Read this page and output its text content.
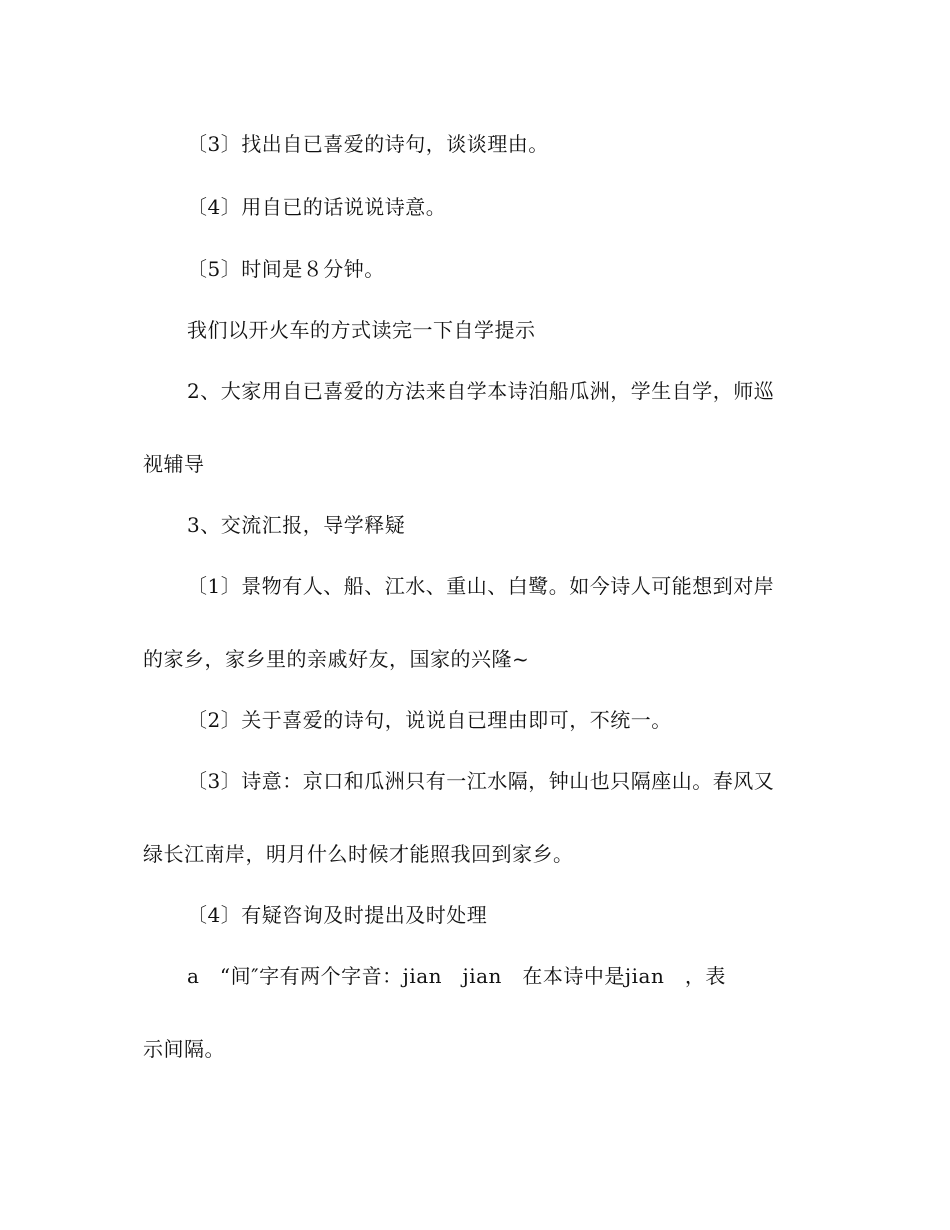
〔3〕找出自已喜爱的诗句，谈谈理由。
〔4〕用自已的话说说诗意。
〔5〕时间是８分钟。
我们以开火车的方式读完一下自学提示
2、大家用自已喜爱的方法来自学本诗泊船瓜洲，学生自学，师巡
视辅导
3、交流汇报，导学释疑
〔1〕景物有人、船、江水、重山、白鹭。如今诗人可能想到对岸
的家乡，家乡里的亲戚好友，国家的兴隆~
〔2〕关于喜爱的诗句，说说自已理由即可，不统一。
〔3〕诗意：京口和瓜洲只有一江水隔，钟山也只隔座山。春风又
绿长江南岸，明月什么时候才能照我回到家乡。
〔4〕有疑咨询及时提出及时处理
a　“间″字有两个字音：jian　jian　在本诗中是jian　，表
示间隔。
